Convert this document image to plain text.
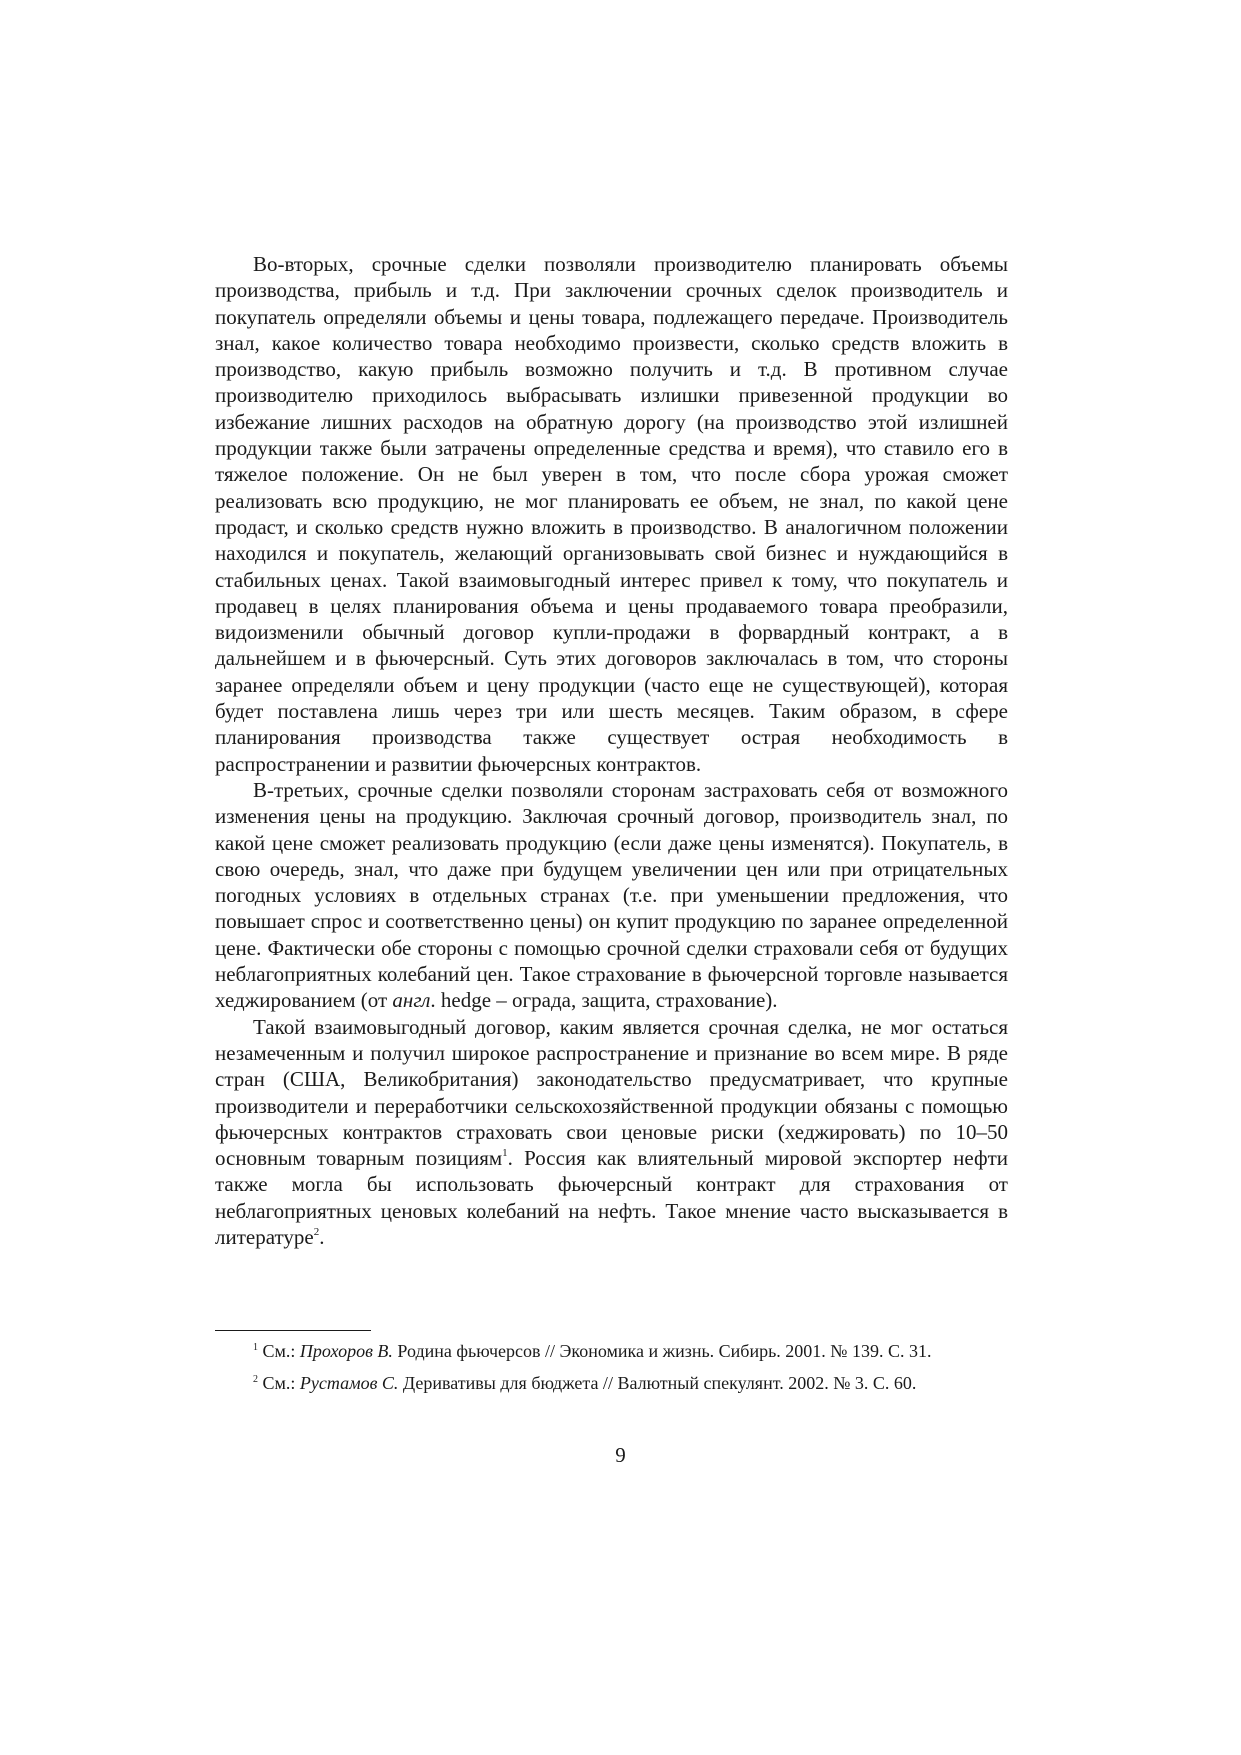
Во-вторых, срочные сделки позволяли производителю планировать объемы производства, прибыль и т.д. При заключении срочных сделок производитель и покупатель определяли объемы и цены товара, подлежащего передаче. Производитель знал, какое количество товара необходимо произвести, сколько средств вложить в производство, какую прибыль возможно получить и т.д. В противном случае производителю приходилось выбрасывать излишки привезенной продукции во избежание лишних расходов на обратную дорогу (на производство этой излишней продукции также были затрачены определенные средства и время), что ставило его в тяжелое положение. Он не был уверен в том, что после сбора урожая сможет реализовать всю продукцию, не мог планировать ее объем, не знал, по какой цене продаст, и сколько средств нужно вложить в производство. В аналогичном положении находился и покупатель, желающий организовывать свой бизнес и нуждающийся в стабильных ценах. Такой взаимовыгодный интерес привел к тому, что покупатель и продавец в целях планирования объема и цены продаваемого товара преобразили, видоизменили обычный договор купли-продажи в форвардный контракт, а в дальнейшем и в фьючерсный. Суть этих договоров заключалась в том, что стороны заранее определяли объем и цену продукции (часто еще не существующей), которая будет поставлена лишь через три или шесть месяцев. Таким образом, в сфере планирования производства также существует острая необходимость в распространении и развитии фьючерсных контрактов.

В-третьих, срочные сделки позволяли сторонам застраховать себя от возможного изменения цены на продукцию. Заключая срочный договор, производитель знал, по какой цене сможет реализовать продукцию (если даже цены изменятся). Покупатель, в свою очередь, знал, что даже при будущем увеличении цен или при отрицательных погодных условиях в отдельных странах (т.е. при уменьшении предложения, что повышает спрос и соответственно цены) он купит продукцию по заранее определенной цене. Фактически обе стороны с помощью срочной сделки страховали себя от будущих неблагоприятных колебаний цен. Такое страхование в фьючерсной торговле называется хеджированием (от англ. hedge – ограда, защита, страхование).

Такой взаимовыгодный договор, каким является срочная сделка, не мог остаться незамеченным и получил широкое распространение и признание во всем мире. В ряде стран (США, Великобритания) законодательство предусматривает, что крупные производители и переработчики сельскохозяйственной продукции обязаны с помощью фьючерсных контрактов страховать свои ценовые риски (хеджировать) по 10–50 основным товарным позициям$^1$. Россия как влиятельный мировой экспортер нефти также могла бы использовать фьючерсный контракт для страхования от неблагоприятных ценовых колебаний на нефть. Такое мнение часто высказывается в литературе$^2$.

$^1$ См.: Прохоров В. Родина фьючерсов // Экономика и жизнь. Сибирь. 2001. № 139. С. 31.

$^2$ См.: Рустамов С. Деривативы для бюджета // Валютный спекулянт. 2002. № 3. С. 60.

9
